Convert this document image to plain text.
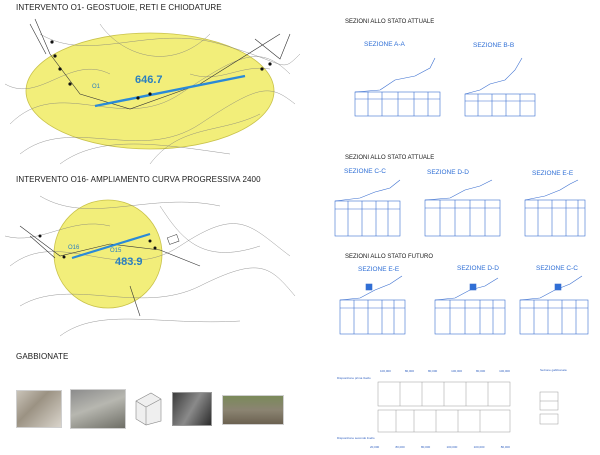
INTERVENTO O1- GEOSTUOIE, RETI E CHIODATURE
INTERVENTO O16- AMPLIAMENTO CURVA PROGRESSIVA 2400
GABBIONATE
646.7
O1
483.9
O16	O15
SEZIONI ALLO STATO ATTUALE
SEZIONE A-A	SEZIONE B-B
SEZIONI ALLO STATO ATTUALE
SEZIONE C-C	SEZIONE D-D	SEZIONE E-E
SEZIONI ALLO STATO FUTURO
SEZIONE E-E	SEZIONE D-D	SEZIONE C-C
Disposizione prima livello
Disposizione secondo livello
Sezione gabbionata
100,000	80,000	80,000	100,000	80,000	100,000
20,000	80,000	80,000	100,000	100,000	80,000
